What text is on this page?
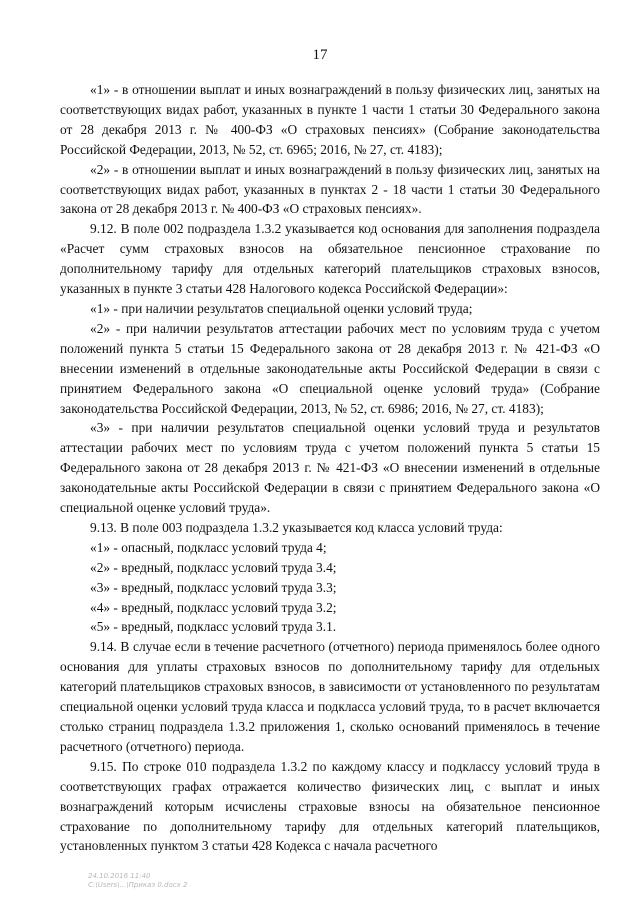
17

«1» - в отношении выплат и иных вознаграждений в пользу физических лиц, занятых на соответствующих видах работ, указанных в пункте 1 части 1 статьи 30 Федерального закона от 28 декабря 2013 г. № 400-ФЗ «О страховых пенсиях» (Собрание законодательства Российской Федерации, 2013, № 52, ст. 6965; 2016, № 27, ст. 4183);

«2» - в отношении выплат и иных вознаграждений в пользу физических лиц, занятых на соответствующих видах работ, указанных в пунктах 2 - 18 части 1 статьи 30 Федерального закона от 28 декабря 2013 г. № 400-ФЗ «О страховых пенсиях».

9.12. В поле 002 подраздела 1.3.2 указывается код основания для заполнения подраздела «Расчет сумм страховых взносов на обязательное пенсионное страхование по дополнительному тарифу для отдельных категорий плательщиков страховых взносов, указанных в пункте 3 статьи 428 Налогового кодекса Российской Федерации»:

«1» - при наличии результатов специальной оценки условий труда;

«2» - при наличии результатов аттестации рабочих мест по условиям труда с учетом положений пункта 5 статьи 15 Федерального закона от 28 декабря 2013 г. № 421-ФЗ «О внесении изменений в отдельные законодательные акты Российской Федерации в связи с принятием Федерального закона «О специальной оценке условий труда» (Собрание законодательства Российской Федерации, 2013, № 52, ст. 6986; 2016, № 27, ст. 4183);

«3» - при наличии результатов специальной оценки условий труда и результатов аттестации рабочих мест по условиям труда с учетом положений пункта 5 статьи 15 Федерального закона от 28 декабря 2013 г. № 421-ФЗ «О внесении изменений в отдельные законодательные акты Российской Федерации в связи с принятием Федерального закона «О специальной оценке условий труда».

9.13. В поле 003 подраздела 1.3.2 указывается код класса условий труда:

«1» - опасный, подкласс условий труда 4;

«2» - вредный, подкласс условий труда 3.4;

«3» - вредный, подкласс условий труда 3.3;

«4» - вредный, подкласс условий труда 3.2;

«5» - вредный, подкласс условий труда 3.1.

9.14. В случае если в течение расчетного (отчетного) периода применялось более одного основания для уплаты страховых взносов по дополнительному тарифу для отдельных категорий плательщиков страховых взносов, в зависимости от установленного по результатам специальной оценки условий труда класса и подкласса условий труда, то в расчет включается столько страниц подраздела 1.3.2 приложения 1, сколько оснований применялось в течение расчетного (отчетного) периода.

9.15. По строке 010 подраздела 1.3.2 по каждому классу и подклассу условий труда в соответствующих графах отражается количество физических лиц, с выплат и иных вознаграждений которым исчислены страховые взносы на обязательное пенсионное страхование по дополнительному тарифу для отдельных категорий плательщиков, установленных пунктом 3 статьи 428 Кодекса с начала расчетного

24.10.2016 11:40
С:\Users\...\Приказ 0.docx 2
